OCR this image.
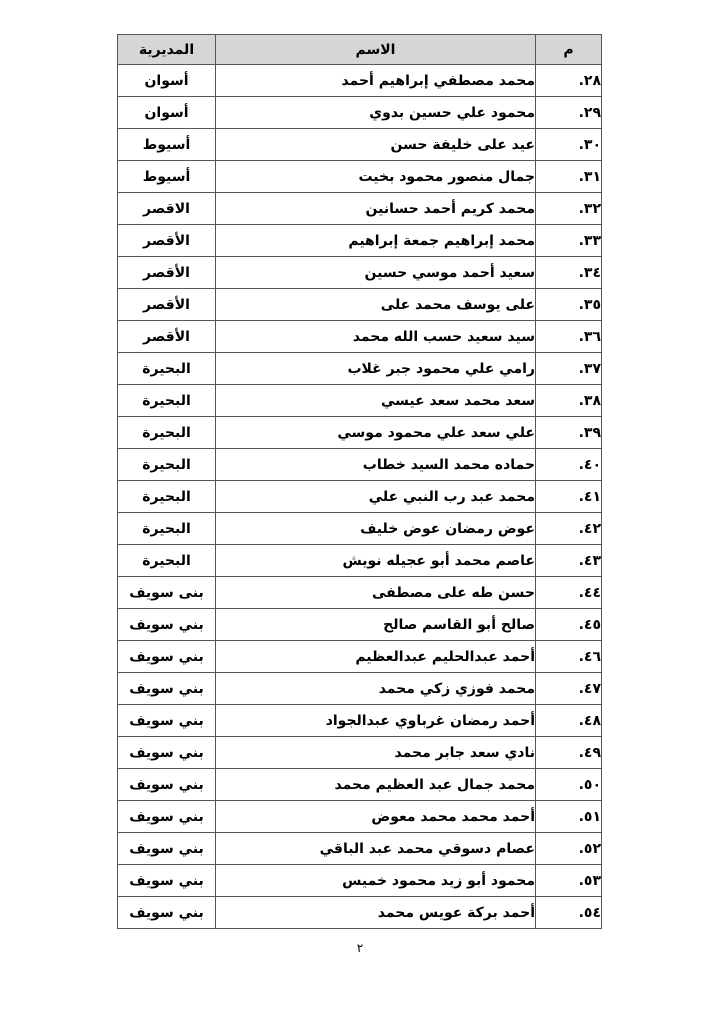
م	الاسم	المديرية
٢٨.	محمد مصطفي إبراهيم أحمد	أسوان
٢٩.	محمود علي حسين بدوي	أسوان
٣٠.	عيد على خليفة حسن	أسيوط
٣١.	جمال منصور محمود بخيت	أسيوط
٣٢.	محمد كريم أحمد حسانين	الاقصر
٣٣.	محمد إبراهيم جمعة إبراهيم	الأقصر
٣٤.	سعيد أحمد موسي حسين	الأقصر
٣٥.	على يوسف محمد على	الأقصر
٣٦.	سيد سعيد حسب الله محمد	الأقصر
٣٧.	رامي علي محمود جبر غلاب	البحيرة
٣٨.	سعد محمد سعد عيسي	البحيرة
٣٩.	علي سعد علي محمود موسي	البحيرة
٤٠.	حماده محمد السيد خطاب	البحيرة
٤١.	محمد عبد رب النبي علي	البحيرة
٤٢.	عوض رمضان عوض خليف	البحيرة
٤٣.	عاصم محمد أبو عجيله نويش	البحيرة
٤٤.	حسن طه على مصطفى	بنى سويف
٤٥.	صالح أبو القاسم صالح	بني سويف
٤٦.	أحمد عبدالحليم عبدالعظيم	بني سويف
٤٧.	محمد فوزي زكي محمد	بني سويف
٤٨.	أحمد رمضان غرباوي عبدالجواد	بني سويف
٤٩.	نادي سعد جابر محمد	بني سويف
٥٠.	محمد جمال عبد العظيم محمد	بني سويف
٥١.	أحمد محمد محمد معوض	بني سويف
٥٢.	عصام دسوقي محمد عبد الباقي	بني سويف
٥٣.	محمود أبو زيد محمود خميس	بني سويف
٥٤.	أحمد بركة عويس محمد	بني سويف
٢
